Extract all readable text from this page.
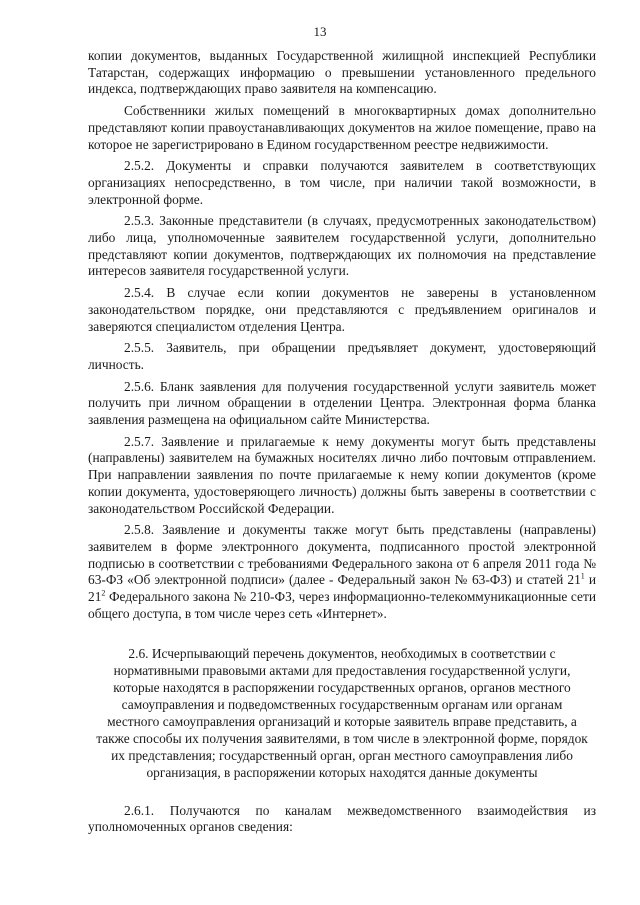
13

копии документов, выданных Государственной жилищной инспекцией Республики Татарстан, содержащих информацию о превышении установленного предельного индекса, подтверждающих право заявителя на компенсацию.

Собственники жилых помещений в многоквартирных домах дополнительно представляют копии правоустанавливающих документов на жилое помещение, право на которое не зарегистрировано в Едином государственном реестре недвижимости.

2.5.2. Документы и справки получаются заявителем в соответствующих организациях непосредственно, в том числе, при наличии такой возможности, в электронной форме.

2.5.3. Законные представители (в случаях, предусмотренных законодательством) либо лица, уполномоченные заявителем государственной услуги, дополнительно представляют копии документов, подтверждающих их полномочия на представление интересов заявителя государственной услуги.

2.5.4. В случае если копии документов не заверены в установленном законодательством порядке, они представляются с предъявлением оригиналов и заверяются специалистом отделения Центра.

2.5.5. Заявитель, при обращении предъявляет документ, удостоверяющий личность.

2.5.6. Бланк заявления для получения государственной услуги заявитель может получить при личном обращении в отделении Центра. Электронная форма бланка заявления размещена на официальном сайте Министерства.

2.5.7. Заявление и прилагаемые к нему документы могут быть представлены (направлены) заявителем на бумажных носителях лично либо почтовым отправлением. При направлении заявления по почте прилагаемые к нему копии документов (кроме копии документа, удостоверяющего личность) должны быть заверены в соответствии с законодательством Российской Федерации.

2.5.8. Заявление и документы также могут быть представлены (направлены) заявителем в форме электронного документа, подписанного простой электронной подписью в соответствии с требованиями Федерального закона от 6 апреля 2011 года № 63-ФЗ «Об электронной подписи» (далее - Федеральный закон № 63-ФЗ) и статей $21^1$ и $21^2$ Федерального закона № 210-ФЗ, через информационно-телекоммуникационные сети общего доступа, в том числе через сеть «Интернет».

2.6. Исчерпывающий перечень документов, необходимых в соответствии с нормативными правовыми актами для предоставления государственной услуги, которые находятся в распоряжении государственных органов, органов местного самоуправления и подведомственных государственным органам или органам местного самоуправления организаций и которые заявитель вправе представить, а также способы их получения заявителями, в том числе в электронной форме, порядок их представления; государственный орган, орган местного самоуправления либо организация, в распоряжении которых находятся данные документы

2.6.1. Получаются по каналам межведомственного взаимодействия из уполномоченных органов сведения:
